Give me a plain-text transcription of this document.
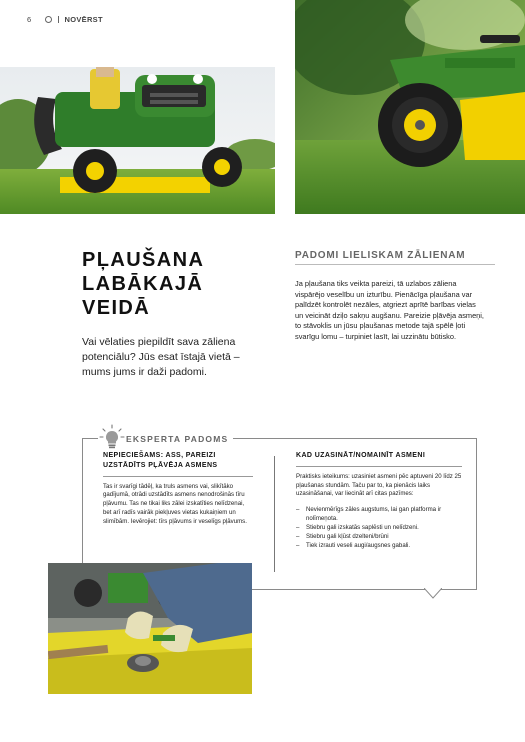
6	NOVĒRST
PĻAUŠANA
LABĀKAJĀ
VEIDĀ
Vai vēlaties piepildīt sava zāliena potenciālu? Jūs esat īstajā vietā – mums jums ir daži padomi.
PADOMI LIELISKAM ZĀLIENAM
Ja pļaušana tiks veikta pareizi, tā uzlabos zāliena vispārējo veselību un izturību. Pienācīga pļaušana var palīdzēt kontrolēt nezāles, atgriezt aprītē barības vielas un veicināt dziļo sakņu augšanu. Pareizie pļāvēja asmeņi, to stāvoklis un jūsu pļaušanas metode tajā spēlē ļoti svarīgu lomu – turpiniet lasīt, lai uzzinātu būtisko.
EKSPERTA PADOMS
NEPIECIEŠAMS: ASS, PAREIZI UZSTĀDĪTS PĻĀVĒJA ASMENS

Tas ir svarīgi tādēļ, ka truls asmens vai, slikītāko gadījumā, otrādi uzstādīts asmens nenodrošinās tīru pļāvumu. Tas ne tikai liks zālei izskatīties nelīdzenai, bet arī radīs vairāk piekļuves vietas kukaiņiem un slimībām. Ievērojiet: tīrs pļāvums ir veselīgs pļāvums.

KAD UZASINĀT/NOMAINĪT ASMENI

Praktisks ieteikums: uzasiniet asmeni pēc aptuveni 20 līdz 25 pļaušanas stundām. Taču par to, ka pienācis laiks uzasināšanai, var liecināt arī citas pazīmes:

–	Nevienmērīgs zāles augstums, lai gan platforma ir nolīmeņota.
–	Stiebru gali izskatās saplēsti un nelīdzeni.
–	Stiebru gali kļūst dzelteni/brūni
–	Tiek izrauti veseli augi/augsnes gabali.
